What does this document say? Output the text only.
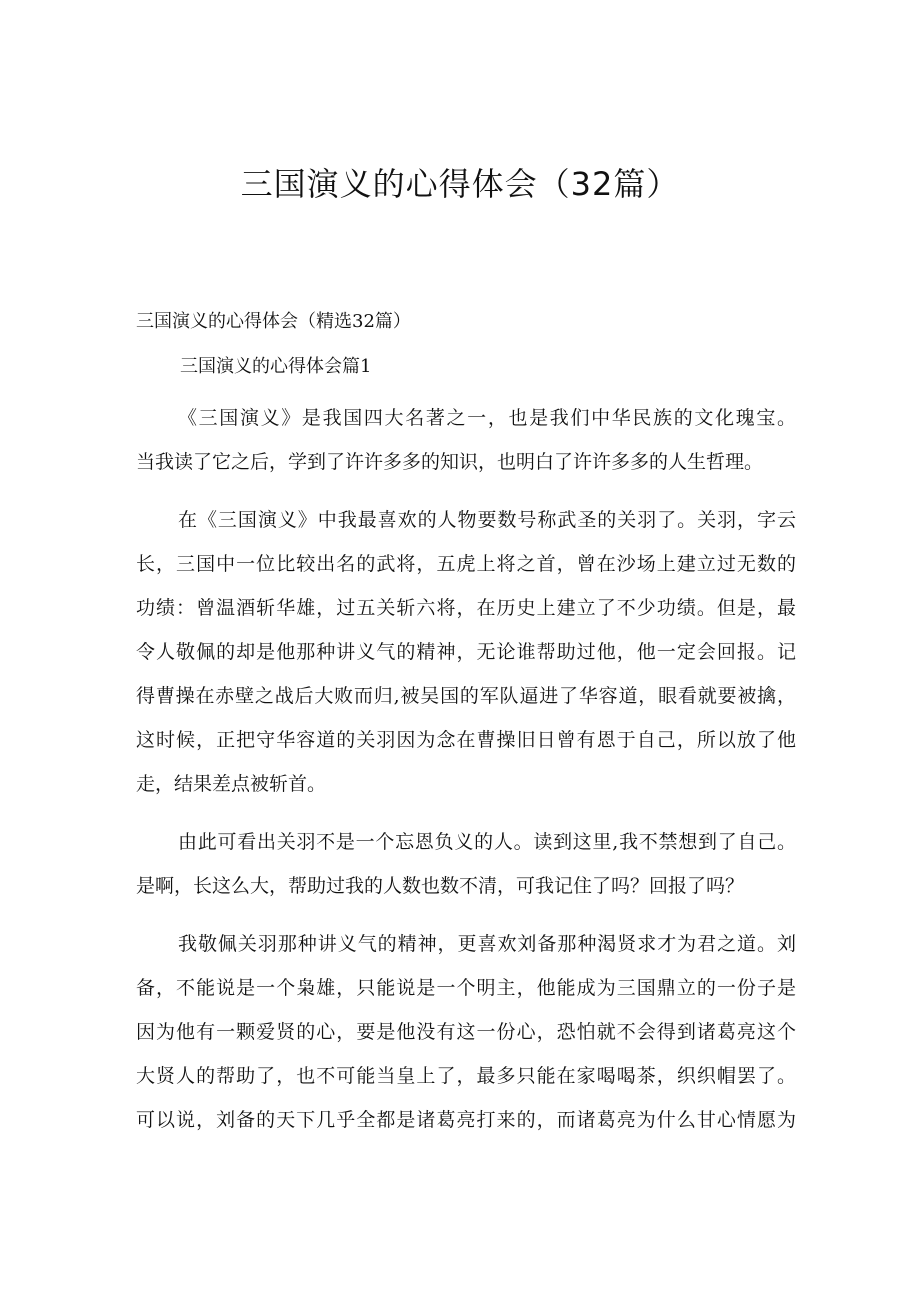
三国演义的心得体会（32篇）
三国演义的心得体会（精选32篇）
三国演义的心得体会篇1
《三国演义》是我国四大名著之一，也是我们中华民族的文化瑰宝。
当我读了它之后，学到了许许多多的知识，也明白了许许多多的人生哲理。
在《三国演义》中我最喜欢的人物要数号称武圣的关羽了。关羽，字云
长，三国中一位比较出名的武将，五虎上将之首，曾在沙场上建立过无数的
功绩：曾温酒斩华雄，过五关斩六将，在历史上建立了不少功绩。但是，最
令人敬佩的却是他那种讲义气的精神，无论谁帮助过他，他一定会回报。记
得曹操在赤壁之战后大败而归,被吴国的军队逼进了华容道，眼看就要被擒，
这时候，正把守华容道的关羽因为念在曹操旧日曾有恩于自己，所以放了他
走，结果差点被斩首。
由此可看出关羽不是一个忘恩负义的人。读到这里,我不禁想到了自己。
是啊，长这么大，帮助过我的人数也数不清，可我记住了吗？回报了吗？
我敬佩关羽那种讲义气的精神，更喜欢刘备那种渴贤求才为君之道。刘
备，不能说是一个枭雄，只能说是一个明主，他能成为三国鼎立的一份子是
因为他有一颗爱贤的心，要是他没有这一份心，恐怕就不会得到诸葛亮这个
大贤人的帮助了，也不可能当皇上了，最多只能在家喝喝茶，织织帽罢了。
可以说，刘备的天下几乎全都是诸葛亮打来的，而诸葛亮为什么甘心情愿为
